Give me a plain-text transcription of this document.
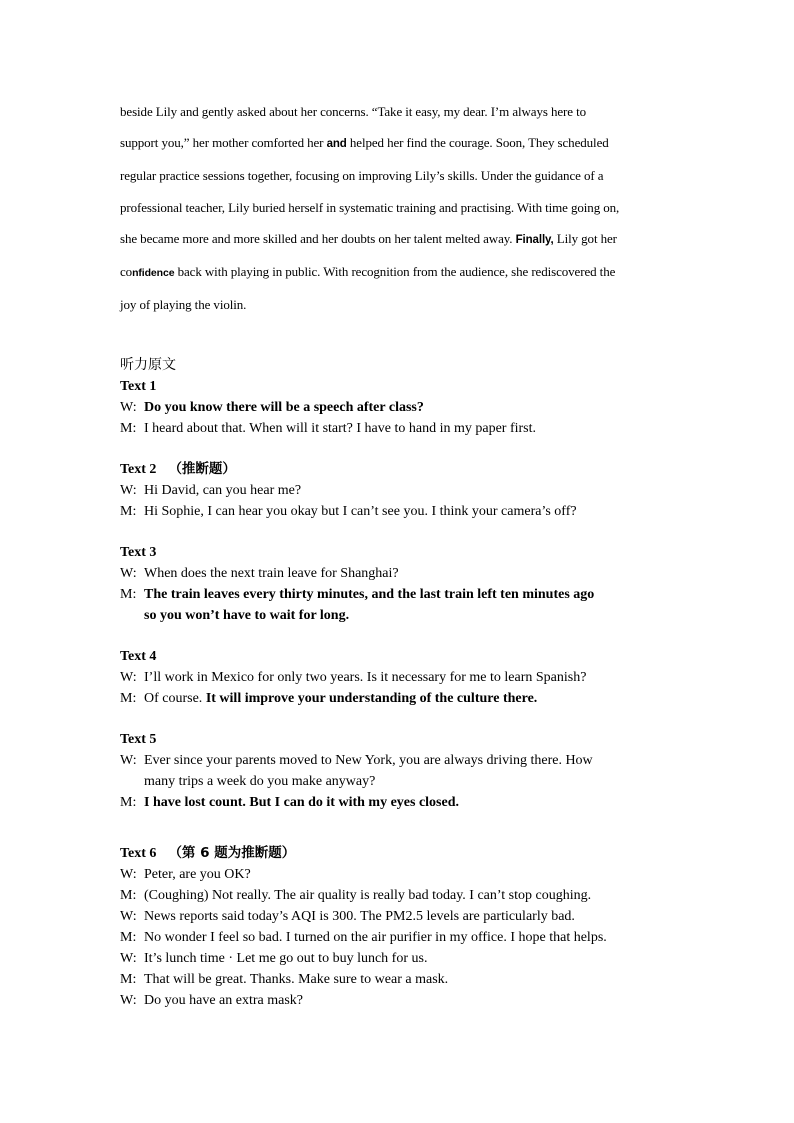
beside Lily and gently asked about her concerns. “Take it easy, my dear. I’m always here to
support you,” her mother comforted her and helped her find the courage. Soon, They scheduled
regular practice sessions together, focusing on improving Lily’s skills. Under the guidance of a
professional teacher, Lily buried herself in systematic training and practising. With time going on,
she became more and more skilled and her doubts on her talent melted away. Finally, Lily got her
confidence back with playing in public. With recognition from the audience, she rediscovered the
joy of playing the violin.
听力原文
Text 1
W: Do you know there will be a speech after class?
M: I heard about that. When will it start? I have to hand in my paper first.
Text 2 （推断题）
W: Hi David, can you hear me?
M: Hi Sophie, I can hear you okay but I can’t see you. I think your camera’s off?
Text 3
W: When does the next train leave for Shanghai?
M: The train leaves every thirty minutes, and the last train left ten minutes ago
so you won’t have to wait for long.
Text 4
W: I’ll work in Mexico for only two years. Is it necessary for me to learn Spanish?
M: Of course. It will improve your understanding of the culture there.
Text 5
W: Ever since your parents moved to New York, you are always driving there. How
many trips a week do you make anyway?
M: I have lost count. But I can do it with my eyes closed.
Text 6 （第 6 题为推断题）
W: Peter, are you OK?
M: (Coughing) Not really. The air quality is really bad today. I can’t stop coughing.
W: News reports said today’s AQI is 300. The PM2.5 levels are particularly bad.
M: No wonder I feel so bad. I turned on the air purifier in my office. I hope that helps.
W: It’s lunch time · Let me go out to buy lunch for us.
M: That will be great. Thanks. Make sure to wear a mask.
W: Do you have an extra mask?
